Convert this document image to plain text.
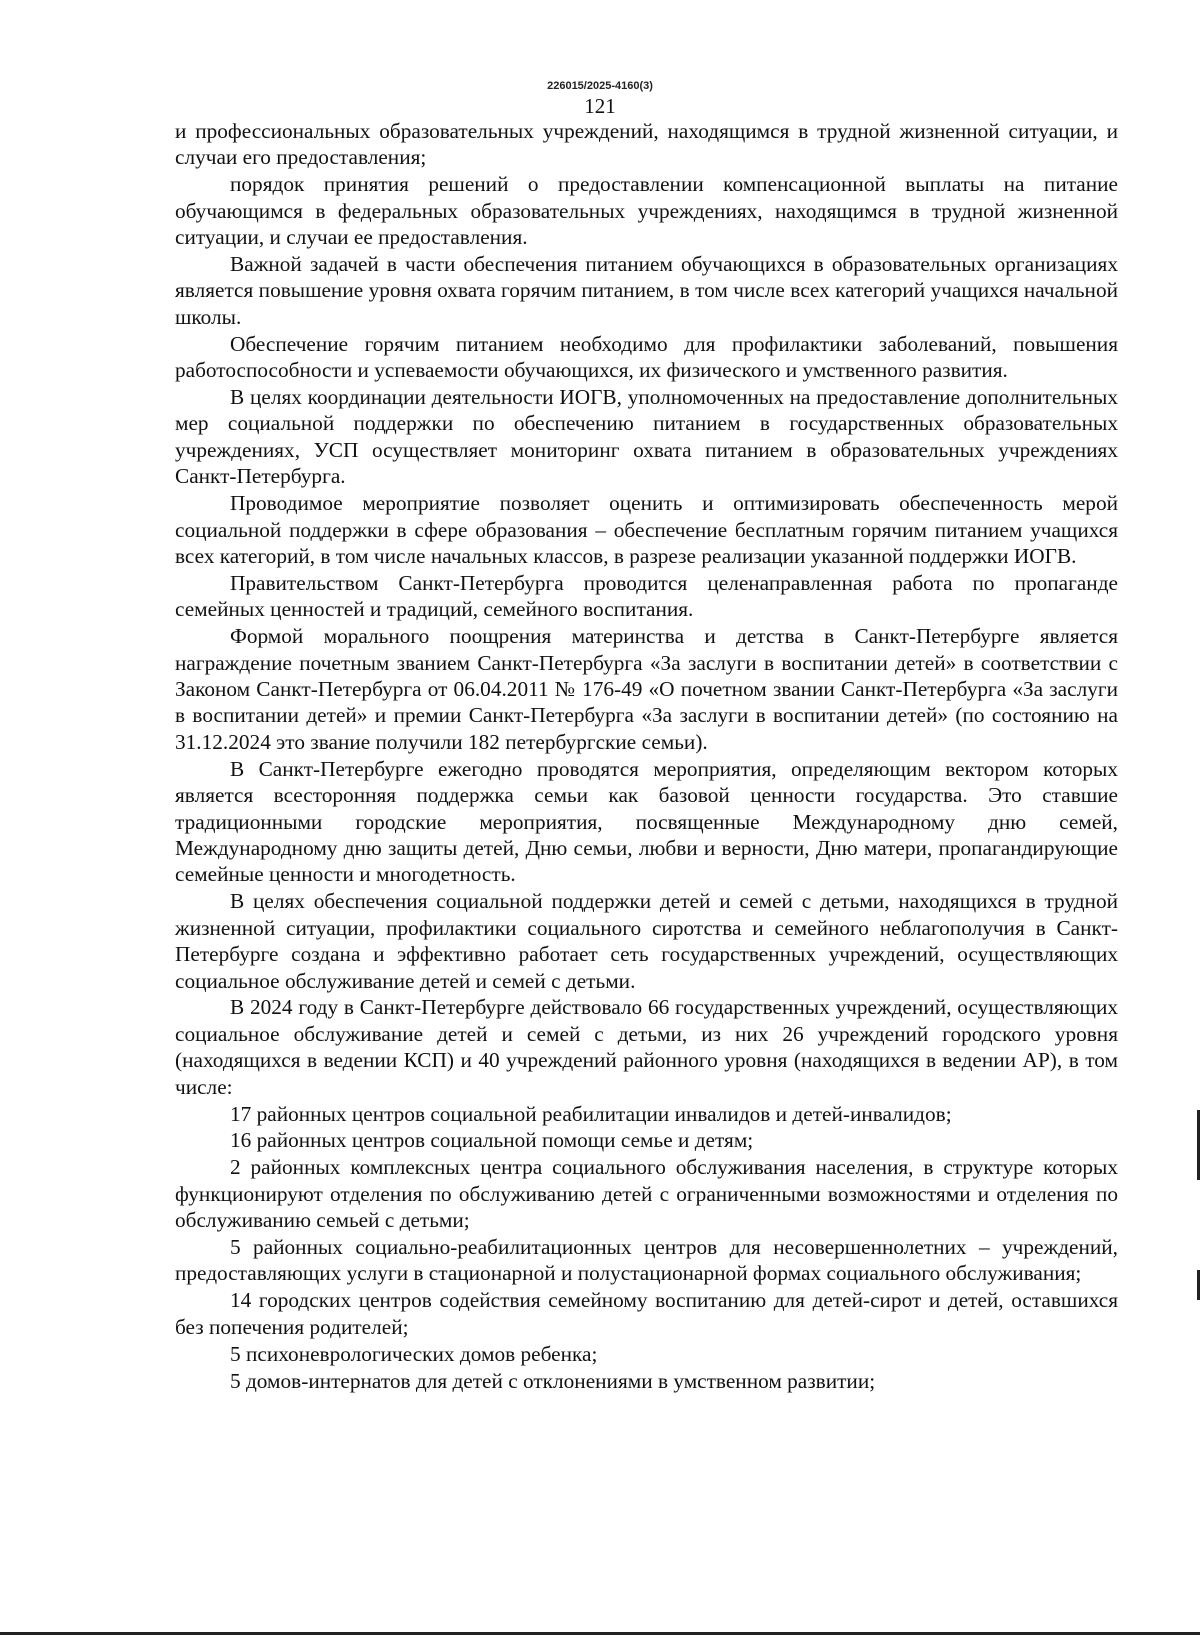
226015/2025-4160(3)
121

и профессиональных образовательных учреждений, находящимся в трудной жизненной ситуации, и случаи его предоставления;

порядок принятия решений о предоставлении компенсационной выплаты на питание обучающимся в федеральных образовательных учреждениях, находящимся в трудной жизненной ситуации, и случаи ее предоставления.

Важной задачей в части обеспечения питанием обучающихся в образовательных организациях является повышение уровня охвата горячим питанием, в том числе всех категорий учащихся начальной школы.

Обеспечение горячим питанием необходимо для профилактики заболеваний, повышения работоспособности и успеваемости обучающихся, их физического и умственного развития.

В целях координации деятельности ИОГВ, уполномоченных на предоставление дополнительных мер социальной поддержки по обеспечению питанием в государственных образовательных учреждениях, УСП осуществляет мониторинг охвата питанием в образовательных учреждениях Санкт-Петербурга.

Проводимое мероприятие позволяет оценить и оптимизировать обеспеченность мерой социальной поддержки в сфере образования – обеспечение бесплатным горячим питанием учащихся всех категорий, в том числе начальных классов, в разрезе реализации указанной поддержки ИОГВ.

Правительством Санкт-Петербурга проводится целенаправленная работа по пропаганде семейных ценностей и традиций, семейного воспитания.

Формой морального поощрения материнства и детства в Санкт-Петербурге является награждение почетным званием Санкт-Петербурга «За заслуги в воспитании детей» в соответствии с Законом Санкт-Петербурга от 06.04.2011 № 176-49 «О почетном звании Санкт-Петербурга «За заслуги в воспитании детей» и премии Санкт-Петербурга «За заслуги в воспитании детей» (по состоянию на 31.12.2024 это звание получили 182 петербургские семьи).

В Санкт-Петербурге ежегодно проводятся мероприятия, определяющим вектором которых является всесторонняя поддержка семьи как базовой ценности государства. Это ставшие традиционными городские мероприятия, посвященные Международному дню семей, Международному дню защиты детей, Дню семьи, любви и верности, Дню матери, пропагандирующие семейные ценности и многодетность.

В целях обеспечения социальной поддержки детей и семей с детьми, находящихся в трудной жизненной ситуации, профилактики социального сиротства и семейного неблагополучия в Санкт-Петербурге создана и эффективно работает сеть государственных учреждений, осуществляющих социальное обслуживание детей и семей с детьми.

В 2024 году в Санкт-Петербурге действовало 66 государственных учреждений, осуществляющих социальное обслуживание детей и семей с детьми, из них 26 учреждений городского уровня (находящихся в ведении КСП) и 40 учреждений районного уровня (находящихся в ведении АР), в том числе:

17 районных центров социальной реабилитации инвалидов и детей-инвалидов;

16 районных центров социальной помощи семье и детям;

2 районных комплексных центра социального обслуживания населения, в структуре которых функционируют отделения по обслуживанию детей с ограниченными возможностями и отделения по обслуживанию семьей с детьми;

5 районных социально-реабилитационных центров для несовершеннолетних – учреждений, предоставляющих услуги в стационарной и полустационарной формах социального обслуживания;

14 городских центров содействия семейному воспитанию для детей-сирот и детей, оставшихся без попечения родителей;

5 психоневрологических домов ребенка;

5 домов-интернатов для детей с отклонениями в умственном развитии;
